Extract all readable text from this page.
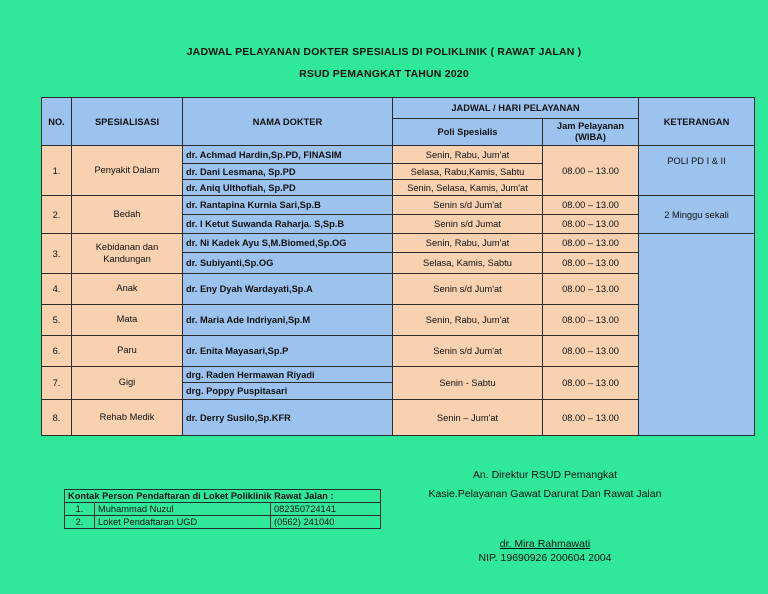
JADWAL PELAYANAN DOKTER SPESIALIS DI POLIKLINIK ( RAWAT JALAN )
RSUD PEMANGKAT TAHUN 2020
NO.	SPESIALISASI	NAMA DOKTER	JADWAL / HARI PELAYANAN		KETERANGAN
			Poli Spesialis	Jam Pelayanan (WIBA)	
1.	Penyakit Dalam	dr. Achmad Hardin,Sp.PD, FINASIM	Senin, Rabu, Jum'at	08.00 – 13.00	POLI PD I & II
		dr. Dani Lesmana, Sp.PD	Selasa, Rabu,Kamis, Sabtu		
		dr. Aniq Ulthofiah, Sp.PD	Senin, Selasa, Kamis, Jum'at		
2.	Bedah	dr. Rantapina Kurnia Sari,Sp.B	Senin s/d Jum'at	08.00 – 13.00	2 Minggu sekali
		dr. I Ketut Suwanda Raharja. S,Sp.B	Senin s/d Jumat	08.00 – 13.00	
3.	Kebidanan dan Kandungan	dr. Ni Kadek Ayu S,M.Biomed,Sp.OG	Senin, Rabu, Jum'at	08.00 – 13.00	
		dr. Subiyanti,Sp.OG	Selasa, Kamis, Sabtu	08.00 – 13.00	
4.	Anak	dr. Eny Dyah Wardayati,Sp.A	Senin s/d Jum'at	08.00 – 13.00	
5.	Mata	dr. Maria Ade Indriyani,Sp.M	Senin, Rabu, Jum'at	08.00 – 13.00	
6.	Paru	dr. Enita Mayasari,Sp.P	Senin s/d Jum'at	08.00 – 13.00	
7.	Gigi	drg. Raden Hermawan Riyadi	Senin - Sabtu	08.00 – 13.00	
		drg. Poppy Puspitasari			
8.	Rehab Medik	dr. Derry Susilo,Sp.KFR	Senin – Jum'at	08.00 – 13.00	
Kontak Person Pendaftaran di Loket Poliklinik Rawat Jalan :		
1.	Muhammad Nuzul	082350724141
2.	Loket Pendaftaran UGD	(0562) 241040
An. Direktur RSUD Pemangkat
Kasie.Pelayanan Gawat Darurat Dan Rawat Jalan
dr. Mira Rahmawati
NIP. 19690926 200604 2004
